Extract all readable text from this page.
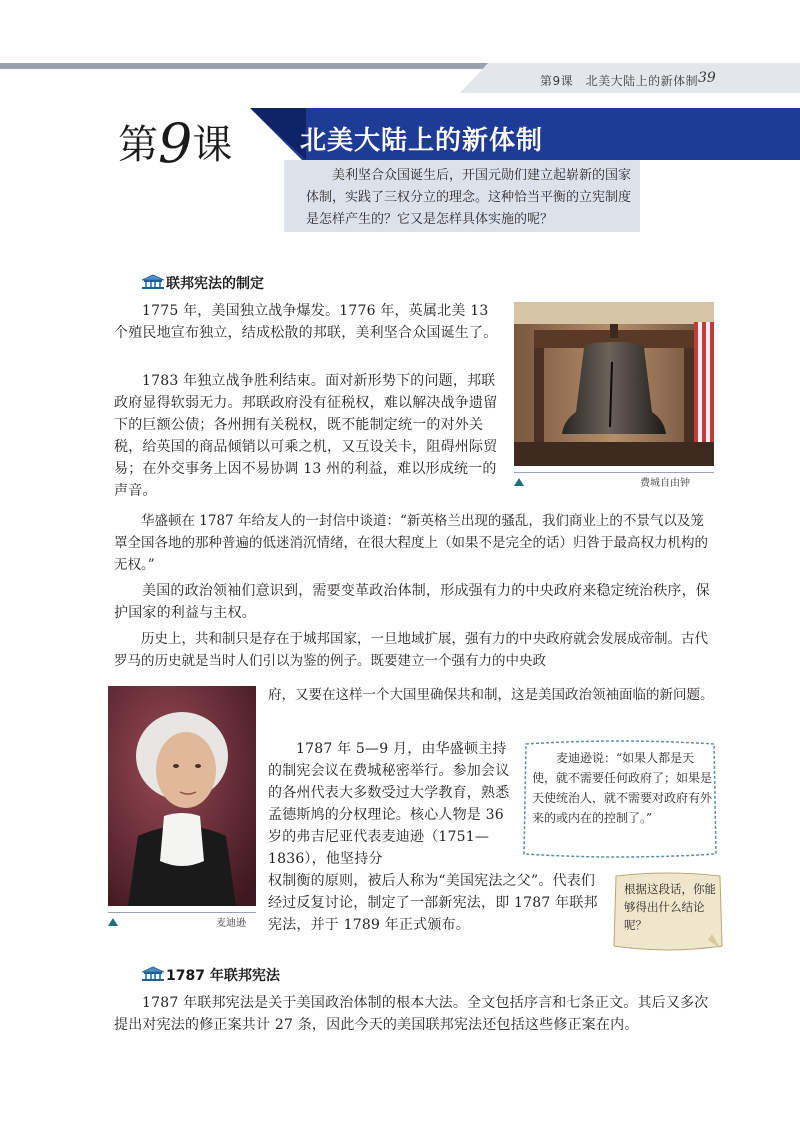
第9课　北美大陆上的新体制 39
第9课	北美大陆上的新体制
美利坚合众国诞生后，开国元勋们建立起崭新的国家体制，实践了三权分立的理念。这种恰当平衡的立宪制度是怎样产生的？它又是怎样具体实施的呢？
联邦宪法的制定

1775 年，美国独立战争爆发。1776 年，英属北美 13 个殖民地宣布独立，结成松散的邦联，美利坚合众国诞生了。

1783 年独立战争胜利结束。面对新形势下的问题，邦联政府显得软弱无力。邦联政府没有征税权，难以解决战争遗留下的巨额公债；各州拥有关税权，既不能制定统一的对外关税，给英国的商品倾销以可乘之机，又互设关卡，阻碍州际贸易；在外交事务上因不易协调 13 州的利益，难以形成统一的声音。	费城自由钟

华盛顿在 1787 年给友人的一封信中谈道：“新英格兰出现的骚乱，我们商业上的不景气以及笼罩全国各地的那种普遍的低迷消沉情绪，在很大程度上（如果不是完全的话）归咎于最高权力机构的无权。”

美国的政治领袖们意识到，需要变革政治体制，形成强有力的中央政府来稳定统治秩序，保护国家的利益与主权。

历史上，共和制只是存在于城邦国家，一旦地域扩展，强有力的中央政府就会发展成帝制。古代罗马的历史就是当时人们引以为鉴的例子。既要建立一个强有力的中央政

府，又要在这样一个大国里确保共和制，这是美国政治领袖面临的新问题。

麦迪逊

1787 年 5—9 月，由华盛顿主持的制宪会议在费城秘密举行。参加会议的各州代表大多数受过大学教育，熟悉孟德斯鸠的分权理论。核心人物是 36 岁的弗吉尼亚代表麦迪逊（1751—1836），他坚持分

权制衡的原则，被后人称为“美国宪法之父”。代表们经过反复讨论，制定了一部新宪法，即 1787 年联邦宪法，并于 1789 年正式颁布。

麦迪逊说：“如果人都是天使，就不需要任何政府了；如果是天使统治人，就不需要对政府有外来的或内在的控制了。”
根据这段话，你能够得出什么结论呢？
1787 年联邦宪法

1787 年联邦宪法是关于美国政治体制的根本大法。全文包括序言和七条正文。其后又多次提出对宪法的修正案共计 27 条，因此今天的美国联邦宪法还包括这些修正案在内。
